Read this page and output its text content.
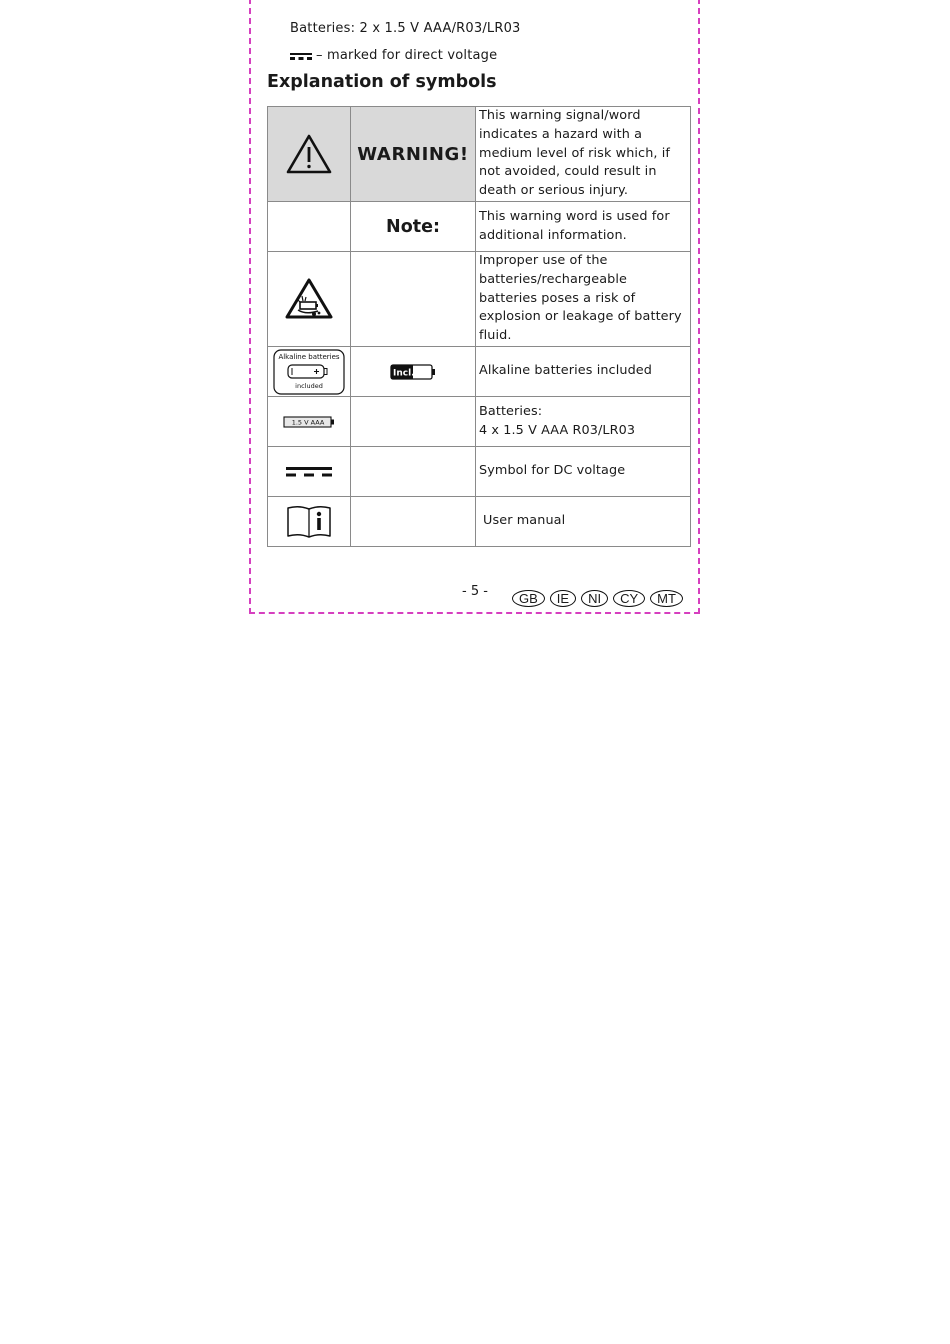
Batteries: 2 x 1.5 V AAA/R03/LR03
– marked for direct voltage
Explanation of symbols
	WARNING!	This warning signal/word indicates a hazard with a medium level of risk which, if not avoided, could result in death or serious injury.
	Note:	This warning word is used for additional information.

		Improper use of the batteries/rechargeable batteries poses a risk of explosion or leakage of battery fluid.

Alkaline batteries
included	Incl.	Alkaline batteries included

1.5 V AAA		Batteries:
4 x 1.5 V AAA R03/LR03

		Symbol for DC voltage

		User manual
- 5 -	GB	IE	NI	CY	MT
